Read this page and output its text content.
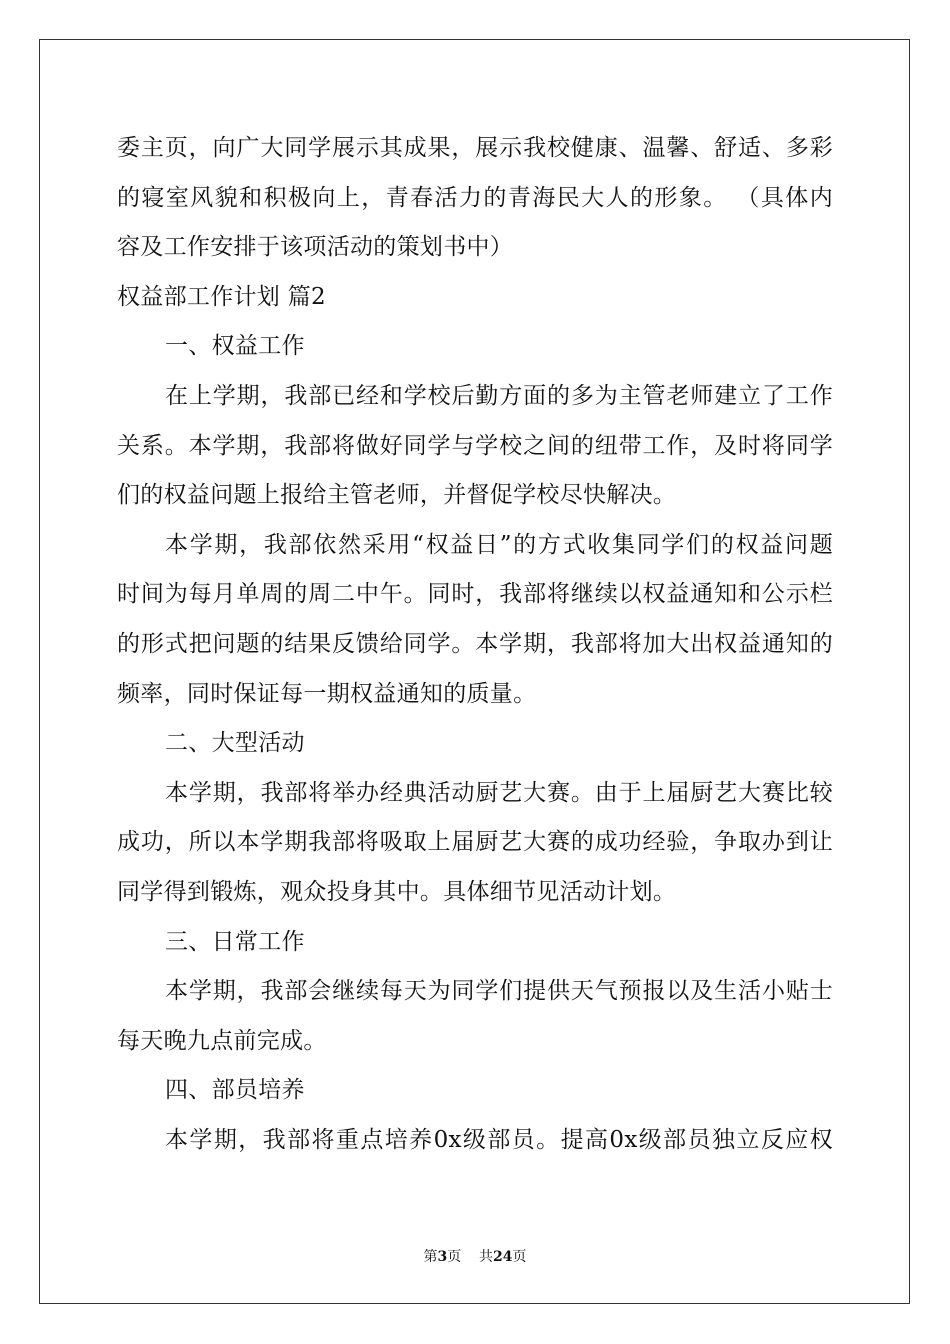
委主页，向广大同学展示其成果，展示我校健康、温馨、舒适、多彩
的寝室风貌和积极向上，青春活力的青海民大人的形象。 （具体内
容及工作安排于该项活动的策划书中）
权益部工作计划 篇2
一、权益工作
在上学期，我部已经和学校后勤方面的多为主管老师建立了工作
关系。本学期，我部将做好同学与学校之间的纽带工作，及时将同学
们的权益问题上报给主管老师，并督促学校尽快解决。
本学期，我部依然采用“权益日”的方式收集同学们的权益问题
时间为每月单周的周二中午。同时，我部将继续以权益通知和公示栏
的形式把问题的结果反馈给同学。本学期，我部将加大出权益通知的
频率，同时保证每一期权益通知的质量。
二、大型活动
本学期，我部将举办经典活动厨艺大赛。由于上届厨艺大赛比较
成功，所以本学期我部将吸取上届厨艺大赛的成功经验，争取办到让
同学得到锻炼，观众投身其中。具体细节见活动计划。
三、日常工作
本学期，我部会继续每天为同学们提供天气预报以及生活小贴士
每天晚九点前完成。
四、部员培养
本学期，我部将重点培养0x级部员。提高0x级部员独立反应权
第3页 共24页
